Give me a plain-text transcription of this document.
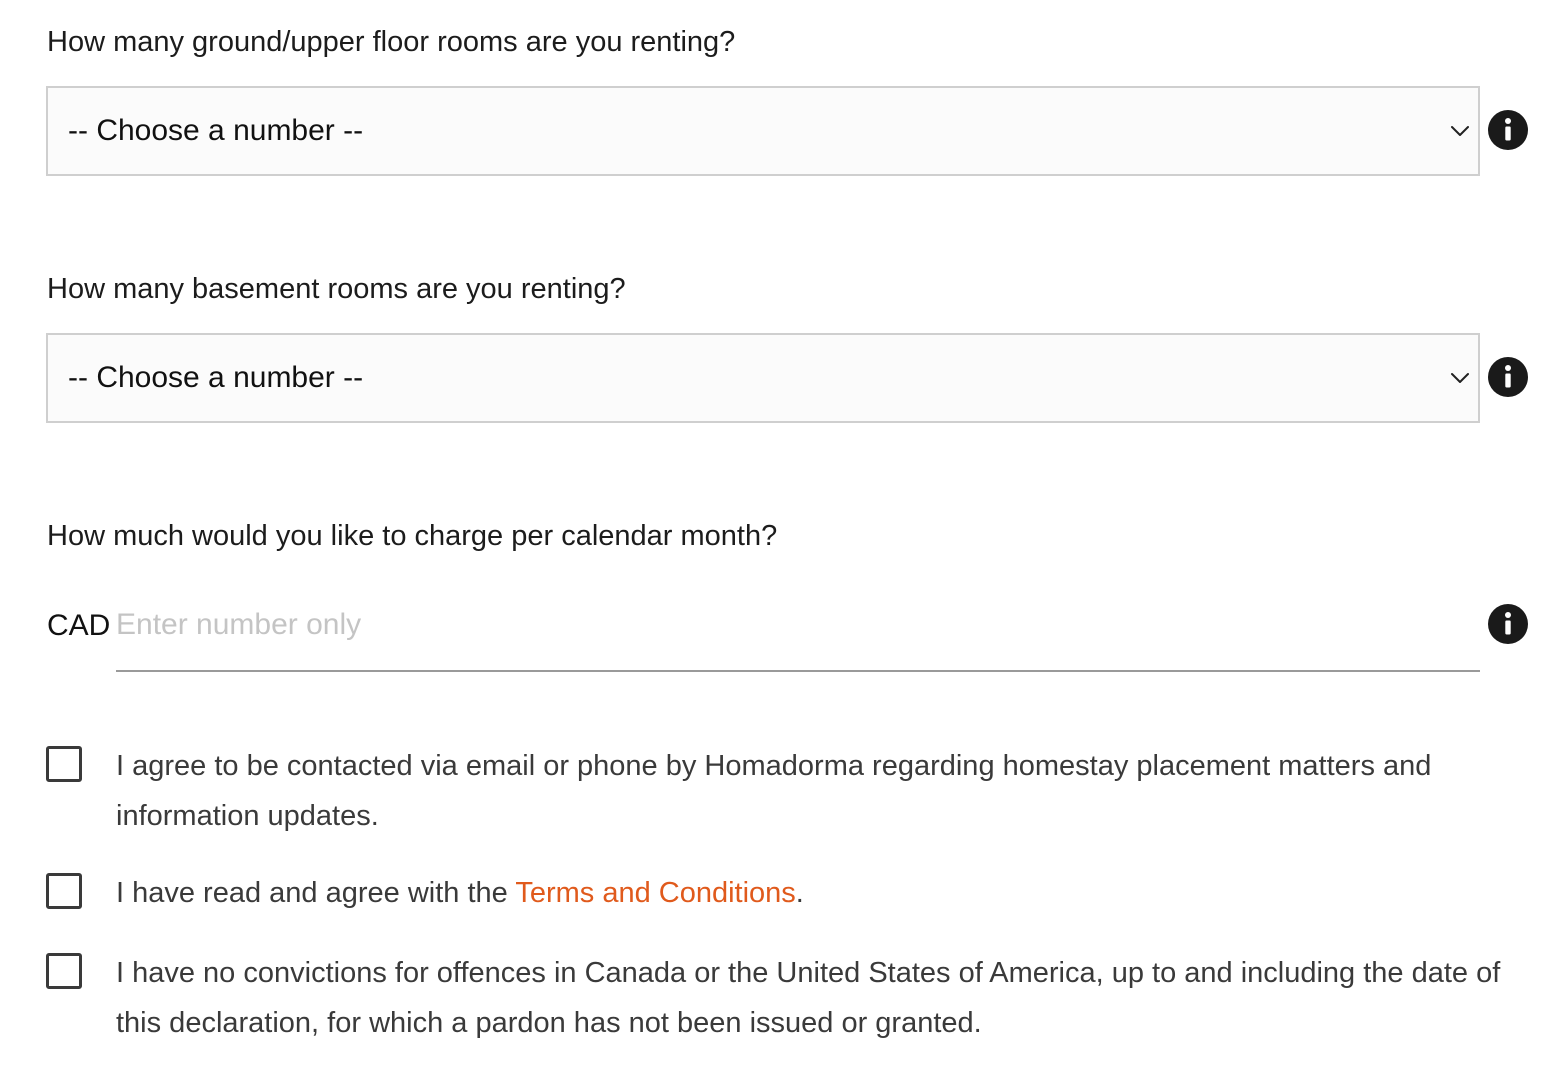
How many ground/upper floor rooms are you renting?
-- Choose a number --
How many basement rooms are you renting?
-- Choose a number --
How much would you like to charge per calendar month?
CAD
Enter number only
I agree to be contacted via email or phone by Homadorma regarding homestay placement matters and information updates.
I have read and agree with the Terms and Conditions.
I have no convictions for offences in Canada or the United States of America, up to and including the date of this declaration, for which a pardon has not been issued or granted.
